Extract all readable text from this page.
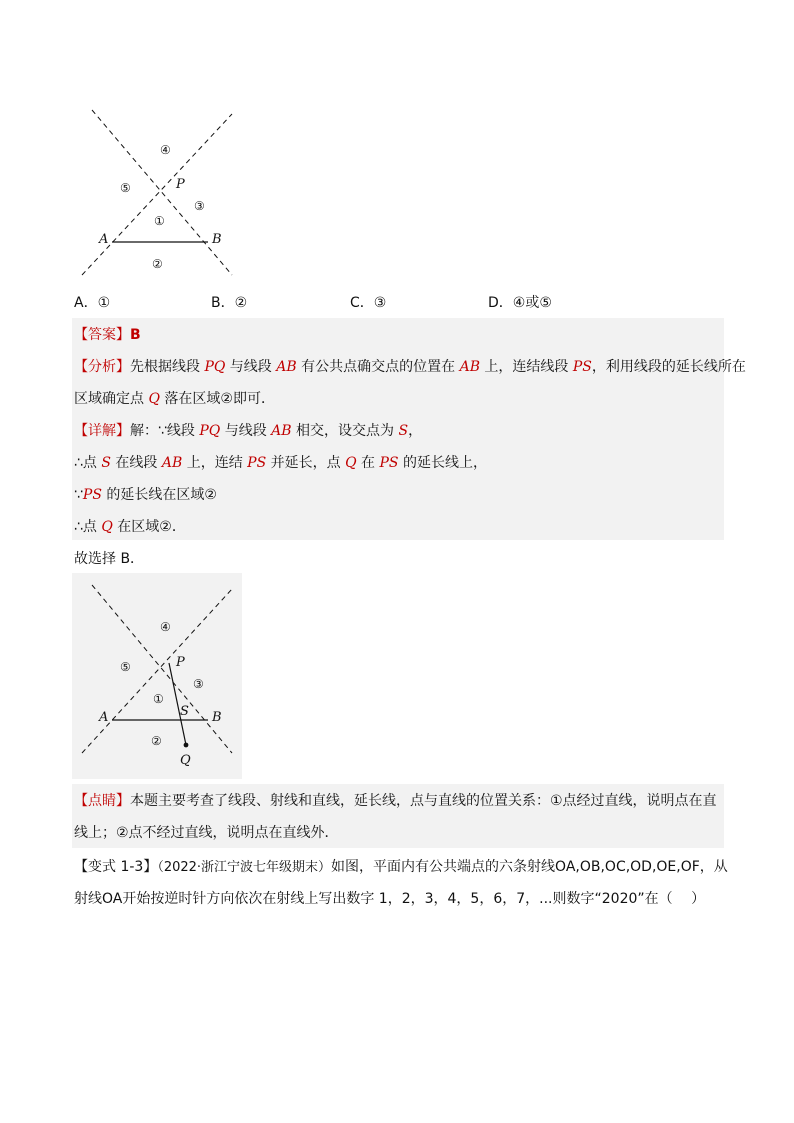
A	B
P
①
②
③
④
⑤
A．①	B．②	C．③	D．④或⑤
【答案】B
【分析】先根据线段 PQ 与线段 AB 有公共点确交点的位置在 AB 上，连结线段 PS，利用线段的延长线所在
区域确定点 Q 落在区域②即可．
【详解】解：∵线段 PQ 与线段 AB 相交，设交点为 S，
∴点 S 在线段 AB 上，连结 PS 并延长，点 Q 在 PS 的延长线上，
∵PS 的延长线在区域②
∴点 Q 在区域②．
故选择 B．
A	B
P
S
Q
①
②
③
④
⑤
【点睛】本题主要考查了线段、射线和直线，延长线，点与直线的位置关系：①点经过直线，说明点在直
线上；②点不经过直线，说明点在直线外．
【变式 1-3】（2022·浙江宁波七年级期末）如图，平面内有公共端点的六条射线OA,OB,OC,OD,OE,OF，从
射线OA开始按逆时针方向依次在射线上写出数字 1，2，3，4，5，6，7，...则数字“2020”在（　 ）
